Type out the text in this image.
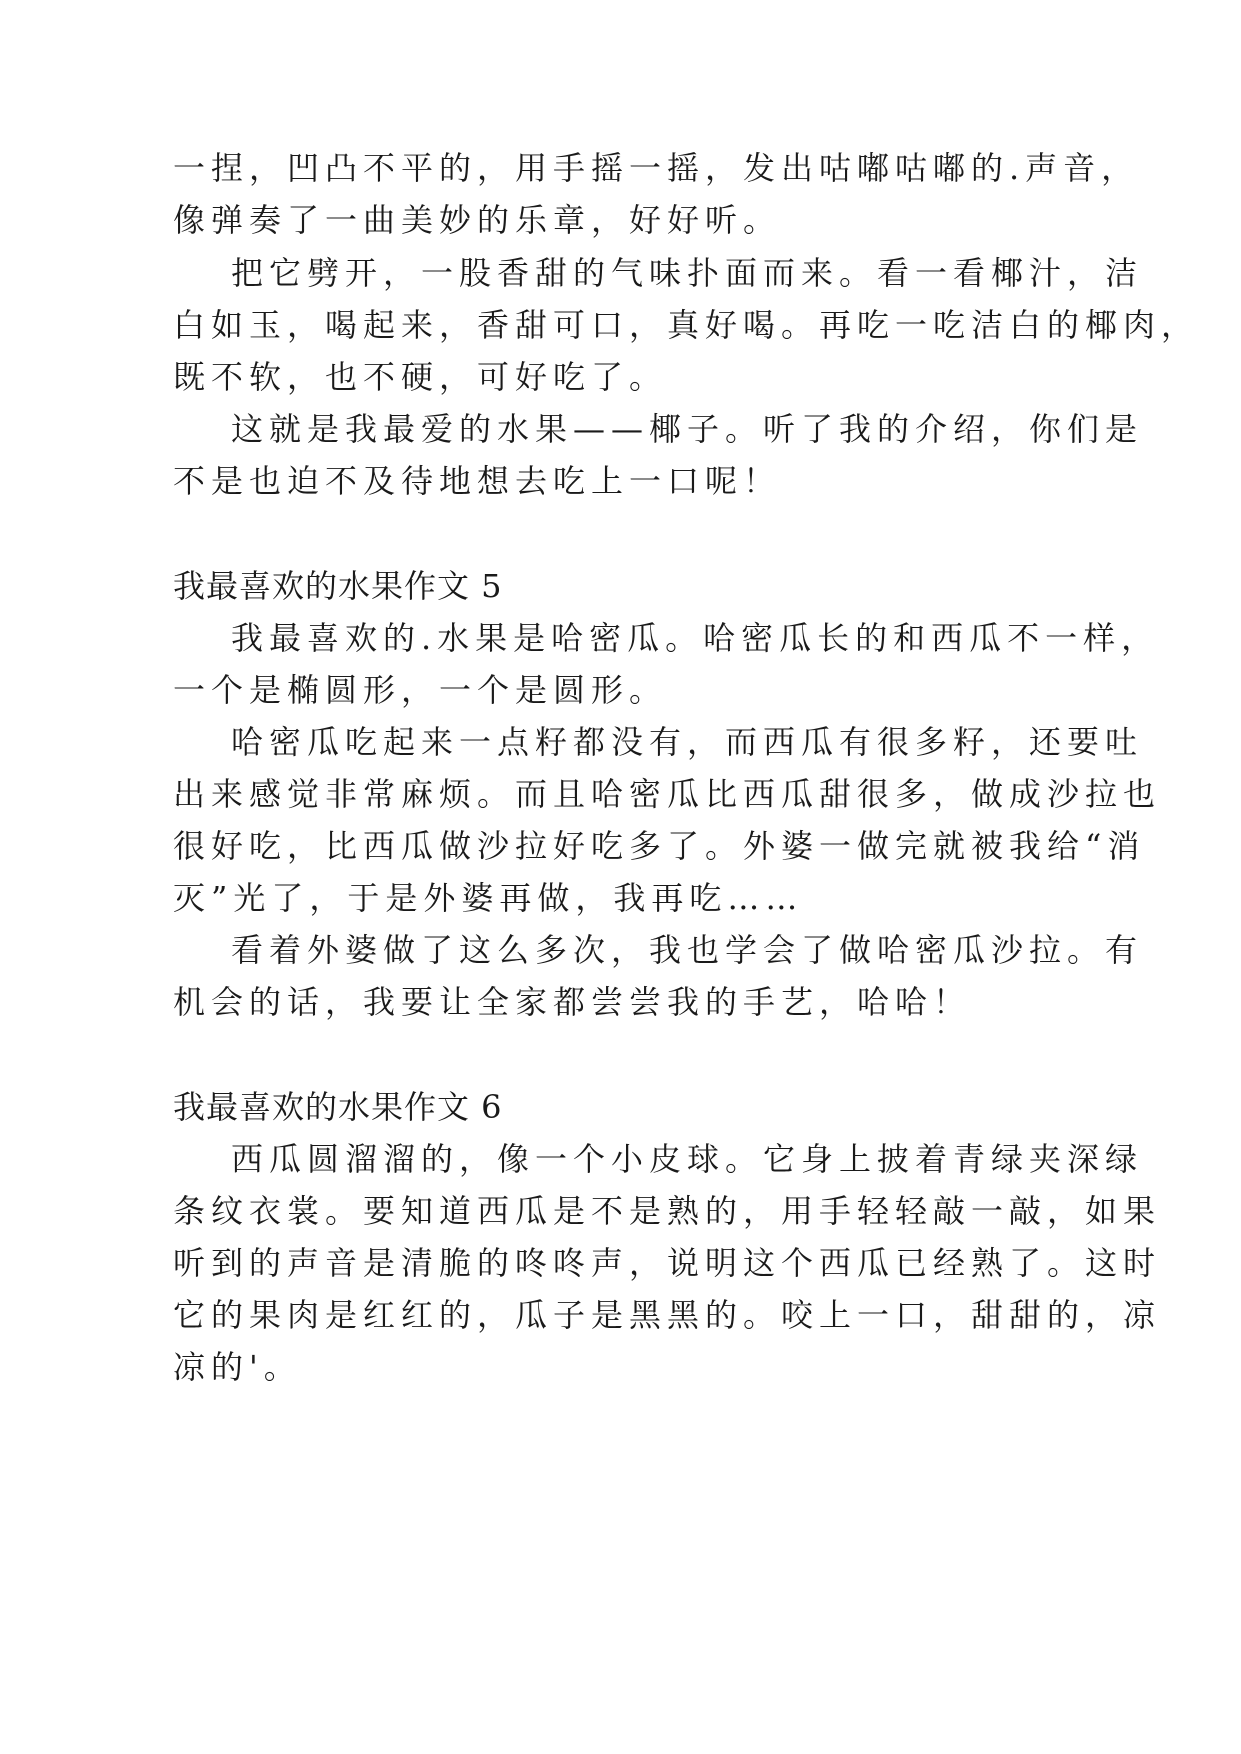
一捏，凹凸不平的，用手摇一摇，发出咕嘟咕嘟的.声音，
像弹奏了一曲美妙的乐章，好好听。
把它劈开，一股香甜的气味扑面而来。看一看椰汁，洁
白如玉，喝起来，香甜可口，真好喝。再吃一吃洁白的椰肉，
既不软，也不硬，可好吃了。
这就是我最爱的水果——椰子。听了我的介绍，你们是
不是也迫不及待地想去吃上一口呢！
我最喜欢的水果作文 5
我最喜欢的.水果是哈密瓜。哈密瓜长的和西瓜不一样，
一个是椭圆形，一个是圆形。
哈密瓜吃起来一点籽都没有，而西瓜有很多籽，还要吐
出来感觉非常麻烦。而且哈密瓜比西瓜甜很多，做成沙拉也
很好吃，比西瓜做沙拉好吃多了。外婆一做完就被我给“消
灭”光了，于是外婆再做，我再吃……
看着外婆做了这么多次，我也学会了做哈密瓜沙拉。有
机会的话，我要让全家都尝尝我的手艺，哈哈！
我最喜欢的水果作文 6
西瓜圆溜溜的，像一个小皮球。它身上披着青绿夹深绿
条纹衣裳。要知道西瓜是不是熟的，用手轻轻敲一敲，如果
听到的声音是清脆的咚咚声，说明这个西瓜已经熟了。这时
它的果肉是红红的，瓜子是黑黑的。咬上一口，甜甜的，凉
凉的'。
